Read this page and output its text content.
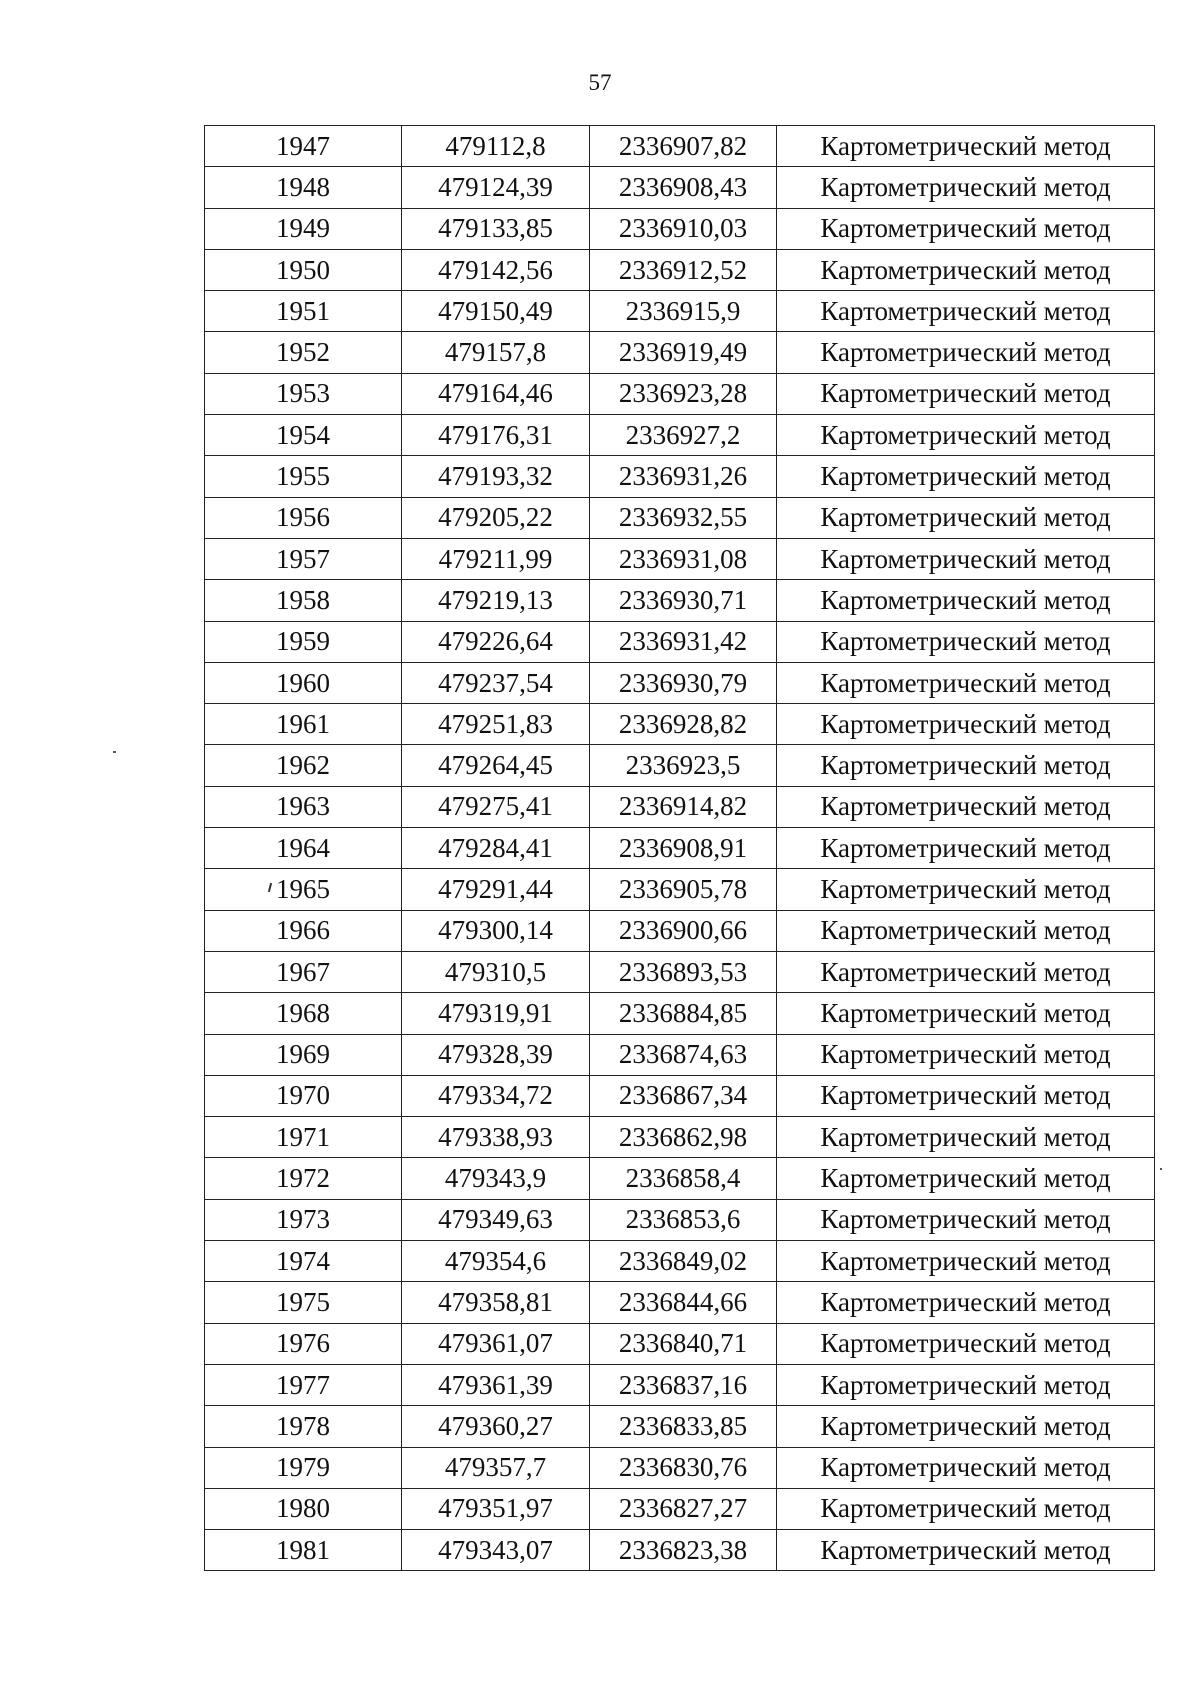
57
1947	479112,8	2336907,82	Картометрический метод
1948	479124,39	2336908,43	Картометрический метод
1949	479133,85	2336910,03	Картометрический метод
1950	479142,56	2336912,52	Картометрический метод
1951	479150,49	2336915,9	Картометрический метод
1952	479157,8	2336919,49	Картометрический метод
1953	479164,46	2336923,28	Картометрический метод
1954	479176,31	2336927,2	Картометрический метод
1955	479193,32	2336931,26	Картометрический метод
1956	479205,22	2336932,55	Картометрический метод
1957	479211,99	2336931,08	Картометрический метод
1958	479219,13	2336930,71	Картометрический метод
1959	479226,64	2336931,42	Картометрический метод
1960	479237,54	2336930,79	Картометрический метод
1961	479251,83	2336928,82	Картометрический метод
1962	479264,45	2336923,5	Картометрический метод
1963	479275,41	2336914,82	Картометрический метод
1964	479284,41	2336908,91	Картометрический метод
1965	479291,44	2336905,78	Картометрический метод
1966	479300,14	2336900,66	Картометрический метод
1967	479310,5	2336893,53	Картометрический метод
1968	479319,91	2336884,85	Картометрический метод
1969	479328,39	2336874,63	Картометрический метод
1970	479334,72	2336867,34	Картометрический метод
1971	479338,93	2336862,98	Картометрический метод
1972	479343,9	2336858,4	Картометрический метод
1973	479349,63	2336853,6	Картометрический метод
1974	479354,6	2336849,02	Картометрический метод
1975	479358,81	2336844,66	Картометрический метод
1976	479361,07	2336840,71	Картометрический метод
1977	479361,39	2336837,16	Картометрический метод
1978	479360,27	2336833,85	Картометрический метод
1979	479357,7	2336830,76	Картометрический метод
1980	479351,97	2336827,27	Картометрический метод
1981	479343,07	2336823,38	Картометрический метод
